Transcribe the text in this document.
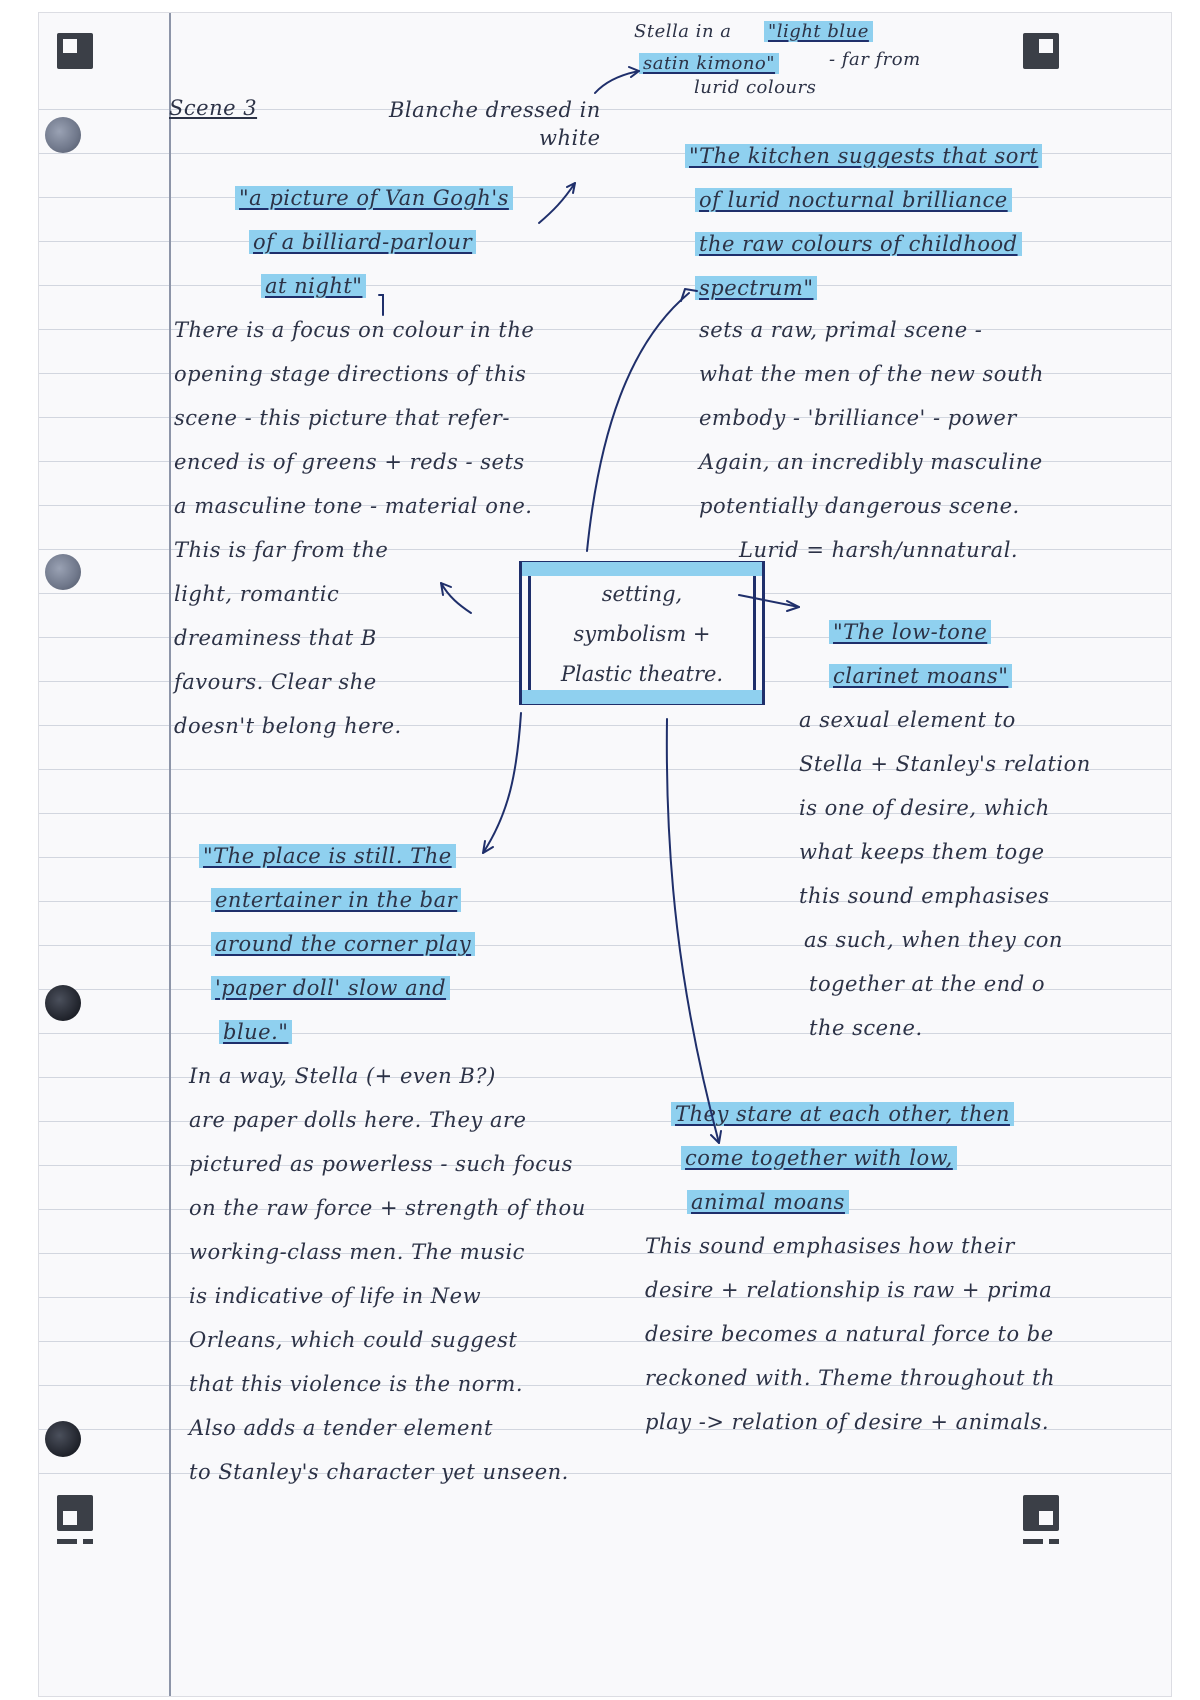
Scene 3	Blanche dressed in
white
Stella in a "light blue
satin kimono"	- far from
lurid colours
setting,
symbolism +
Plastic theatre.
"a picture of Van Gogh's
of a billiard-parlour
at night"
There is a focus on colour in the
opening stage directions of this
scene - this picture that refer-
enced is of greens + reds - sets
a masculine tone - material one.
This is far from the
light, romantic
dreaminess that B
favours. Clear she
doesn't belong here.
"The kitchen suggests that sort
of lurid nocturnal brilliance
the raw colours of childhood
spectrum"
sets a raw, primal scene -
what the men of the new south
embody - 'brilliance' - power
Again, an incredibly masculine
potentially dangerous scene.
Lurid = harsh/unnatural.
"The low-tone
clarinet moans"
a sexual element to
Stella + Stanley's relation
is one of desire, which
what keeps them toge
this sound emphasises
as such, when they con
together at the end o
the scene.
"The place is still. The
entertainer in the bar
around the corner play
'paper doll' slow and
blue."
In a way, Stella (+ even B?)
are paper dolls here. They are
pictured as powerless - such focus
on the raw force + strength of thou
working-class men. The music
is indicative of life in New
Orleans, which could suggest
that this violence is the norm.
Also adds a tender element
to Stanley's character yet unseen.
They stare at each other, then
come together with low,
animal moans
This sound emphasises how their
desire + relationship is raw + prima
desire becomes a natural force to be
reckoned with. Theme throughout th
play -> relation of desire + animals.
